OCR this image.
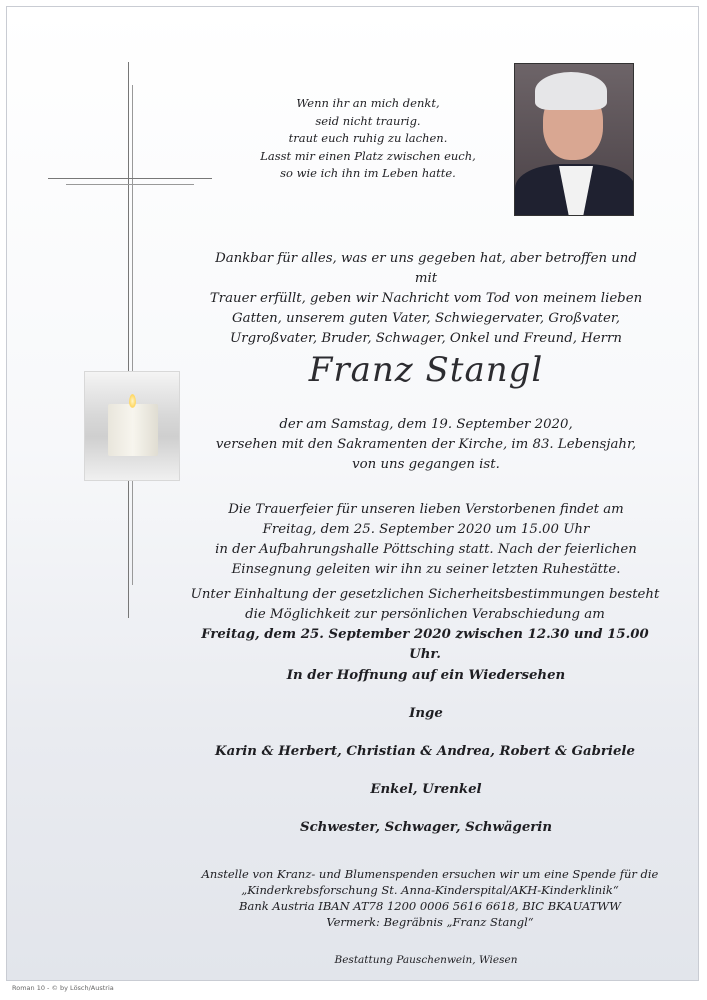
Wenn ihr an mich denkt,
seid nicht traurig.
traut euch ruhig zu lachen.
Lasst mir einen Platz zwischen euch,
so wie ich ihn im Leben hatte.
Dankbar für alles, was er uns gegeben hat, aber betroffen und mit
Trauer erfüllt, geben wir Nachricht vom Tod von meinem lieben
Gatten, unserem guten Vater, Schwiegervater, Großvater,
Urgroßvater, Bruder, Schwager, Onkel und Freund, Herrn
Franz Stangl
der am Samstag, dem 19. September 2020,
versehen mit den Sakramenten der Kirche, im 83. Lebensjahr,
von uns gegangen ist.
Die Trauerfeier für unseren lieben Verstorbenen findet am
Freitag, dem 25. September 2020 um 15.00 Uhr
in der Aufbahrungshalle Pöttsching statt. Nach der feierlichen
Einsegnung geleiten wir ihn zu seiner letzten Ruhestätte.
Unter Einhaltung der gesetzlichen Sicherheitsbestimmungen besteht
die Möglichkeit zur persönlichen Verabschiedung am
Freitag, dem 25. September 2020 zwischen 12.30 und 15.00 Uhr.
In der Hoffnung auf ein Wiedersehen
Inge
Karin & Herbert, Christian & Andrea, Robert & Gabriele
Enkel, Urenkel
Schwester, Schwager, Schwägerin
Anstelle von Kranz- und Blumenspenden ersuchen wir um eine Spende für die
„Kinderkrebsforschung St. Anna-Kinderspital/AKH-Kinderklinik“
Bank Austria IBAN AT78 1200 0006 5616 6618, BIC BKAUATWW
Vermerk: Begräbnis „Franz Stangl“
Bestattung Pauschenwein, Wiesen
Roman 10 - © by Lösch/Austria
